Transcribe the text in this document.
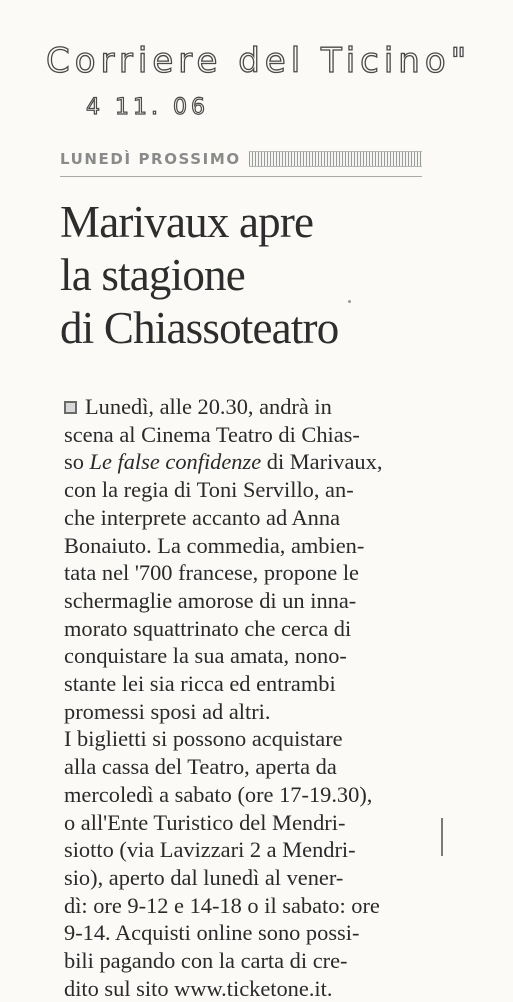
Corriere del Ticino"
4 11. 06
LUNEDÌ PROSSIMO
Marivaux apre
la stagione
di Chiassoteatro
Lunedì, alle 20.30, andrà in
scena al Cinema Teatro di Chias-
so Le false confidenze di Marivaux,
con la regia di Toni Servillo, an-
che interprete accanto ad Anna
Bonaiuto. La commedia, ambien-
tata nel '700 francese, propone le
schermaglie amorose di un inna-
morato squattrinato che cerca di
conquistare la sua amata, nono-
stante lei sia ricca ed entrambi
promessi sposi ad altri.
I biglietti si possono acquistare
alla cassa del Teatro, aperta da
mercoledì a sabato (ore 17-19.30),
o all'Ente Turistico del Mendri-
siotto (via Lavizzari 2 a Mendri-
sio), aperto dal lunedì al vener-
dì: ore 9-12 e 14-18 o il sabato: ore
9-14. Acquisti online sono possi-
bili pagando con la carta di cre-
dito sul sito www.ticketone.it.
